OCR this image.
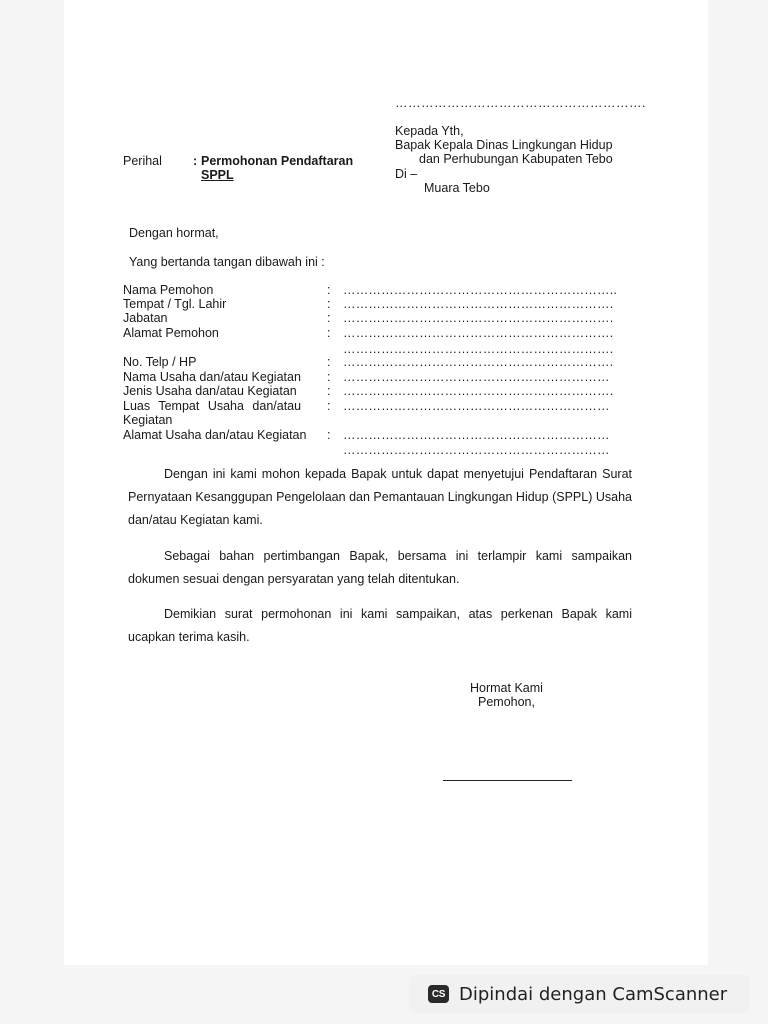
………………………………………………….
Kepada Yth,
Bapak Kepala Dinas Lingkungan Hidup
dan Perhubungan Kabupaten Tebo
Di –
Muara Tebo
Perihal : Permohonan Pendaftaran
SPPL
Dengan hormat,
Yang bertanda tangan dibawah ini :
Nama Pemohon	: ………………………………………………………..
Tempat / Tgl. Lahir	: ……………………………………………………….
Jabatan	: ……………………………………………………….
Alamat Pemohon	: ……………………………………………………….
……………………………………………………….
No. Telp / HP	: ……………………………………………………….
Nama Usaha dan/atau Kegiatan : ………………………………………………………
Jenis Usaha dan/atau Kegiatan : ……………………………………………………….
Luas Tempat Usaha dan/atau : ………………………………………………………
Kegiatan
Alamat Usaha dan/atau Kegiatan : ………………………………………………………
………………………………………………………

Dengan ini kami mohon kepada Bapak untuk dapat menyetujui Pendaftaran Surat Pernyataan Kesanggupan Pengelolaan dan Pemantauan Lingkungan Hidup (SPPL) Usaha dan/atau Kegiatan kami.

Sebagai bahan pertimbangan Bapak, bersama ini terlampir kami sampaikan dokumen sesuai dengan persyaratan yang telah ditentukan.

Demikian surat permohonan ini kami sampaikan, atas perkenan Bapak kami ucapkan terima kasih.

Hormat Kami
Pemohon,
CS Dipindai dengan CamScanner
